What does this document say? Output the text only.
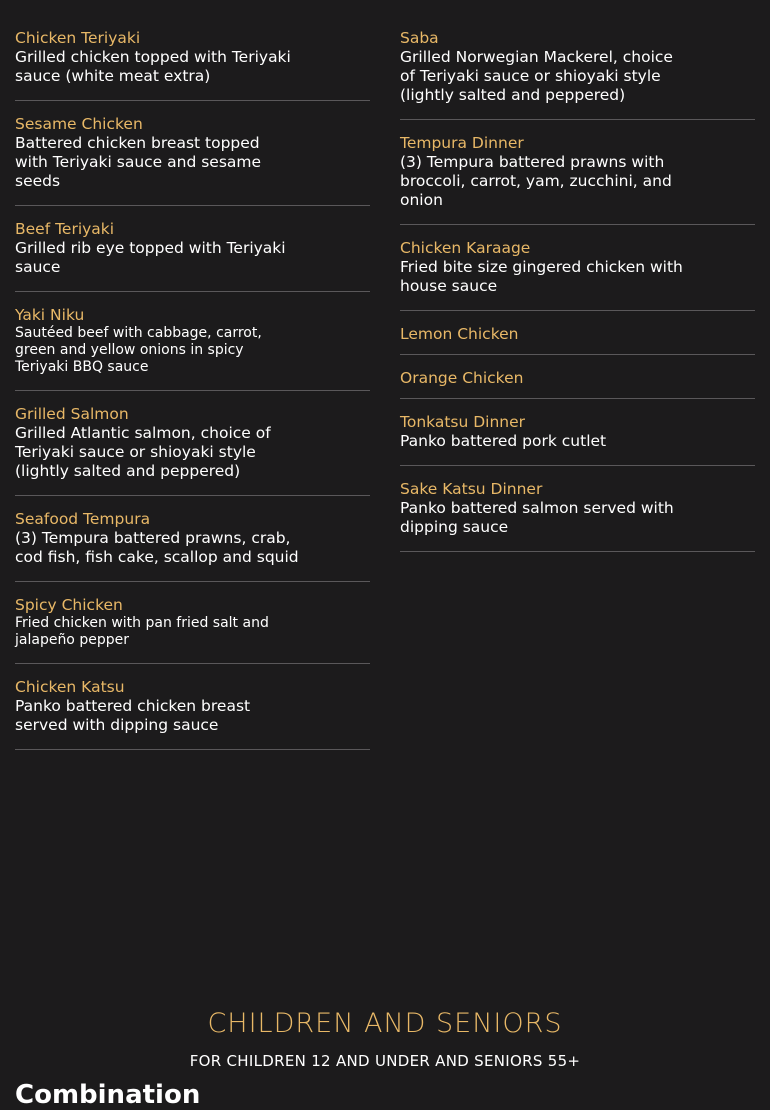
Chicken Teriyaki

Grilled chicken topped with Teriyaki
sauce (white meat extra)

Sesame Chicken

Battered chicken breast topped
with Teriyaki sauce and sesame
seeds

Beef Teriyaki

Grilled rib eye topped with Teriyaki
sauce

Yaki Niku

Sautéed beef with cabbage, carrot,
green and yellow onions in spicy
Teriyaki BBQ sauce

Grilled Salmon

Grilled Atlantic salmon, choice of
Teriyaki sauce or shioyaki style
(lightly salted and peppered)

Seafood Tempura

(3) Tempura battered prawns, crab,
cod fish, fish cake, scallop and squid

Spicy Chicken

Fried chicken with pan fried salt and
jalapeño pepper

Chicken Katsu

Panko battered chicken breast
served with dipping sauce

Saba

Grilled Norwegian Mackerel, choice
of Teriyaki sauce or shioyaki style
(lightly salted and peppered)

Tempura Dinner

(3) Tempura battered prawns with
broccoli, carrot, yam, zucchini, and
onion

Chicken Karaage

Fried bite size gingered chicken with
house sauce

Lemon Chicken

Orange Chicken

Tonkatsu Dinner

Panko battered pork cutlet

Sake Katsu Dinner

Panko battered salmon served with
dipping sauce

CHILDREN AND SENIORS

FOR CHILDREN 12 AND UNDER AND SENIORS 55+
Combination
